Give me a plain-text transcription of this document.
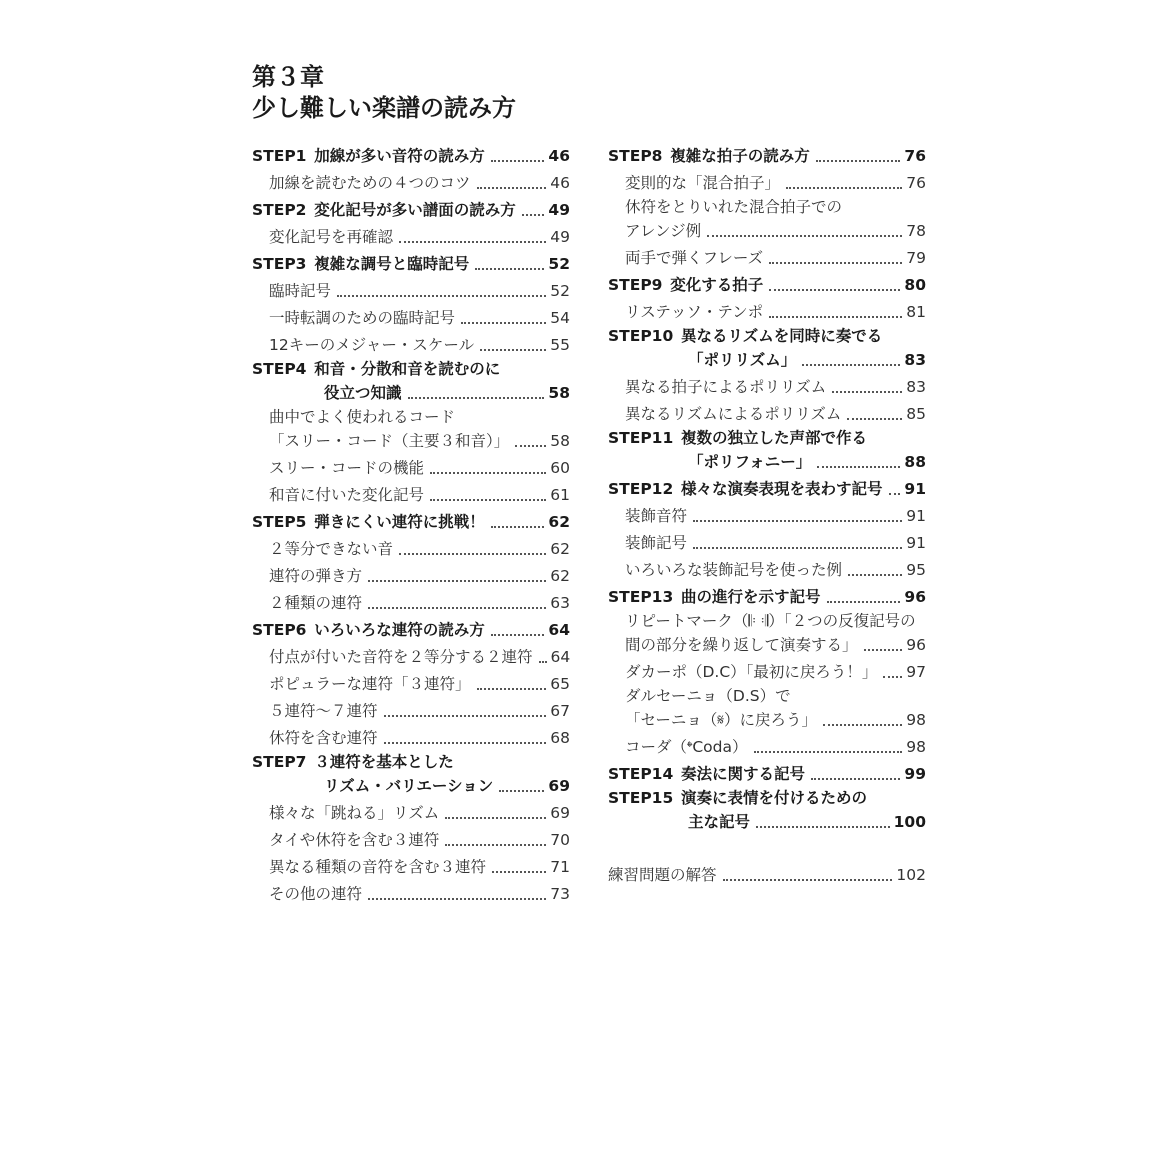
第３章
少し難しい楽譜の読み方
STEP1  加線が多い音符の読み方	46
加線を読むための４つのコツ	46
STEP2  変化記号が多い譜面の読み方 49
変化記号を再確認	49
STEP3  複雑な調号と臨時記号	52
臨時記号	52
一時転調のための臨時記号	54
12キーのメジャー・スケール	55
STEP4  和音・分散和音を読むのに
役立つ知識	58
曲中でよく使われるコード
「スリー・コード（主要３和音）」	58
スリー・コードの機能	60
和音に付いた変化記号	61
STEP5  弾きにくい連符に挑戦！	62
２等分できない音	62
連符の弾き方	62
２種類の連符	63
STEP6  いろいろな連符の読み方	64
付点が付いた音符を２等分する２連符 64
ポピュラーな連符「３連符」	65
５連符～７連符	67
休符を含む連符	68
STEP7  ３連符を基本とした
リズム・バリエーション	69
様々な「跳ねる」リズム	69
タイや休符を含む３連符	70
異なる種類の音符を含む３連符	71
その他の連符	73
STEP8  複雑な拍子の読み方	76
変則的な「混合拍子」	76
休符をとりいれた混合拍子での
アレンジ例	78
両手で弾くフレーズ	79
STEP9  変化する拍子	80
リステッソ・テンポ	81
STEP10  異なるリズムを同時に奏でる
「ポリリズム」	83
異なる拍子によるポリリズム	83
異なるリズムによるポリリズム	85
STEP11  複数の独立した声部で作る
「ポリフォニー」	88
STEP12  様々な演奏表現を表わす記号 91
装飾音符	91
装飾記号	91
いろいろな装飾記号を使った例	95
STEP13  曲の進行を示す記号	96
リピートマーク（𝄆 𝄇）「２つの反復記号の
間の部分を繰り返して演奏する」	96
ダカーポ（D.C）「最初に戻ろう！」 97
ダルセーニョ（D.S）で
「セーニョ（𝄋）に戻ろう」	98
コーダ（𝄌Coda）	98
STEP14  奏法に関する記号	99
STEP15  演奏に表情を付けるための
主な記号	100
練習問題の解答	102
